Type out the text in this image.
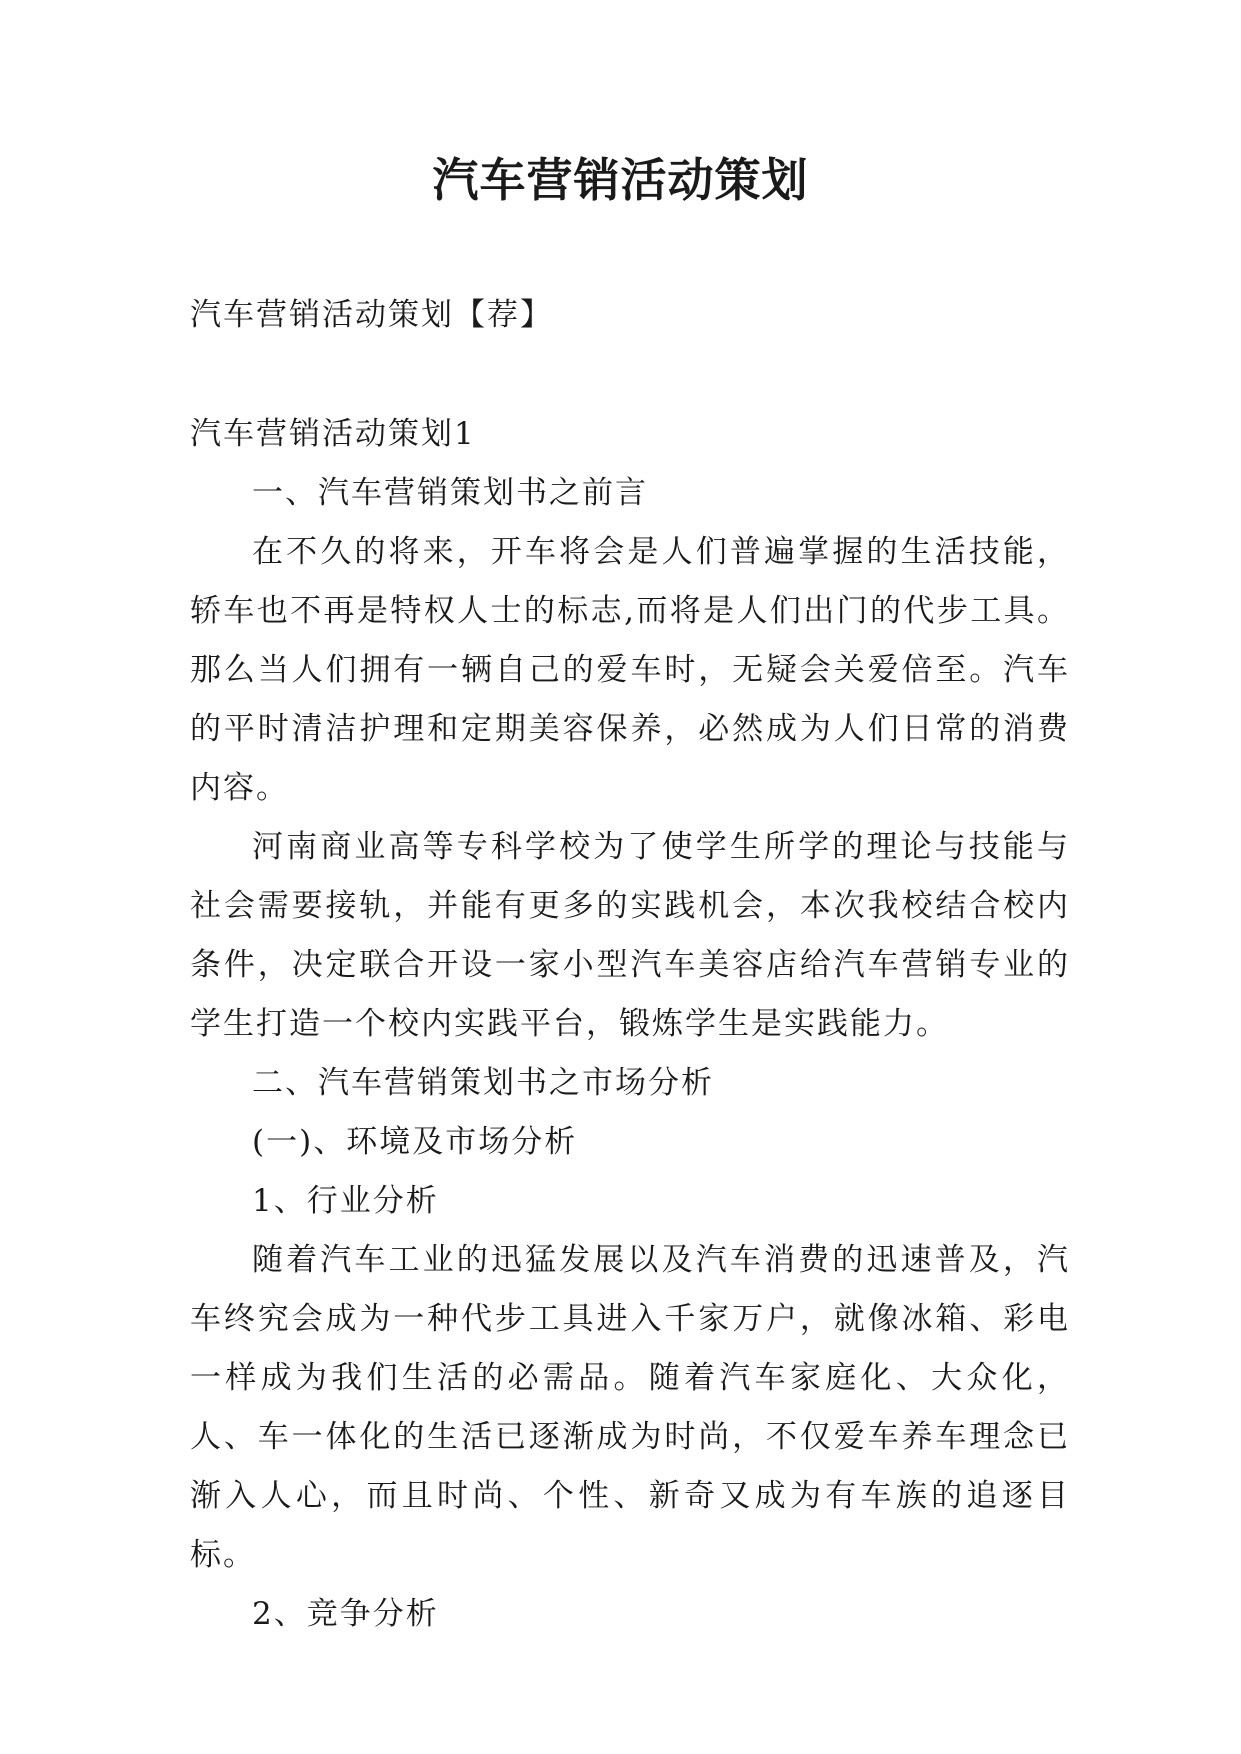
汽车营销活动策划

汽车营销活动策划【荐】

汽车营销活动策划1

一、汽车营销策划书之前言

在不久的将来，开车将会是人们普遍掌握的生活技能，轿车也不再是特权人士的标志,而将是人们出门的代步工具。那么当人们拥有一辆自己的爱车时，无疑会关爱倍至。汽车的平时清洁护理和定期美容保养，必然成为人们日常的消费内容。

河南商业高等专科学校为了使学生所学的理论与技能与社会需要接轨，并能有更多的实践机会，本次我校结合校内条件，决定联合开设一家小型汽车美容店给汽车营销专业的学生打造一个校内实践平台，锻炼学生是实践能力。

二、汽车营销策划书之市场分析

(一)、环境及市场分析

1、行业分析

随着汽车工业的迅猛发展以及汽车消费的迅速普及，汽车终究会成为一种代步工具进入千家万户，就像冰箱、彩电一样成为我们生活的必需品。随着汽车家庭化、大众化，人、车一体化的生活已逐渐成为时尚，不仅爱车养车理念已渐入人心，而且时尚、个性、新奇又成为有车族的追逐目标。

2、竞争分析
